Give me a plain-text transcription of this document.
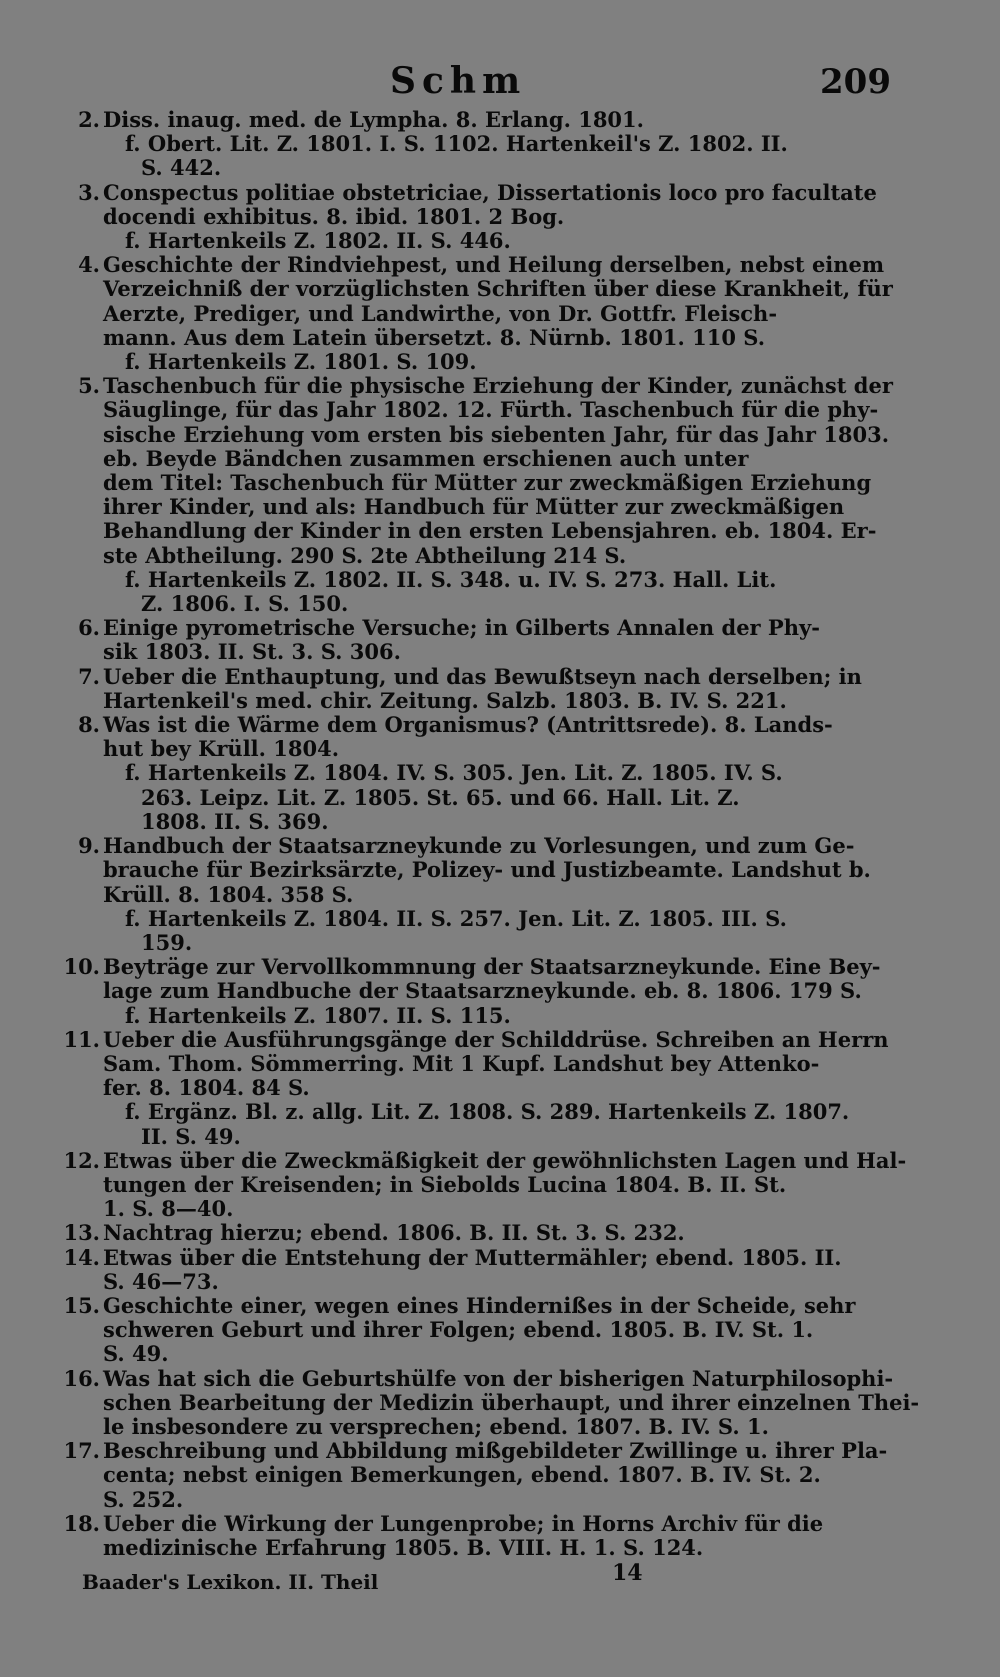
Schm	209
2. Diss. inaug. med. de Lympha. 8. Erlang. 1801.
f. Obert. Lit. Z. 1801. I. S. 1102. Hartenkeil's Z. 1802. II.
S. 442.
3. Conspectus politiae obstetriciae, Dissertationis loco pro facultate
docendi exhibitus. 8. ibid. 1801. 2 Bog.
f. Hartenkeils Z. 1802. II. S. 446.
4. Geschichte der Rindviehpest, und Heilung derselben, nebst einem
Verzeichniß der vorzüglichsten Schriften über diese Krankheit, für
Aerzte, Prediger, und Landwirthe, von Dr. Gottfr. Fleisch-
mann. Aus dem Latein übersetzt. 8. Nürnb. 1801. 110 S.
f. Hartenkeils Z. 1801. S. 109.
5. Taschenbuch für die physische Erziehung der Kinder, zunächst der
Säuglinge, für das Jahr 1802. 12. Fürth. Taschenbuch für die phy-
sische Erziehung vom ersten bis siebenten Jahr, für das Jahr 1803.
eb. Beyde Bändchen zusammen erschienen auch unter
dem Titel: Taschenbuch für Mütter zur zweckmäßigen Erziehung
ihrer Kinder, und als: Handbuch für Mütter zur zweckmäßigen
Behandlung der Kinder in den ersten Lebensjahren. eb. 1804. Er-
ste Abtheilung. 290 S. 2te Abtheilung 214 S.
f. Hartenkeils Z. 1802. II. S. 348. u. IV. S. 273. Hall. Lit.
Z. 1806. I. S. 150.
6. Einige pyrometrische Versuche; in Gilberts Annalen der Phy-
sik 1803. II. St. 3. S. 306.
7. Ueber die Enthauptung, und das Bewußtseyn nach derselben; in
Hartenkeil's med. chir. Zeitung. Salzb. 1803. B. IV. S. 221.
8. Was ist die Wärme dem Organismus? (Antrittsrede). 8. Lands-
hut bey Krüll. 1804.
f. Hartenkeils Z. 1804. IV. S. 305. Jen. Lit. Z. 1805. IV. S.
263. Leipz. Lit. Z. 1805. St. 65. und 66. Hall. Lit. Z.
1808. II. S. 369.
9. Handbuch der Staatsarzneykunde zu Vorlesungen, und zum Ge-
brauche für Bezirksärzte, Polizey- und Justizbeamte. Landshut b.
Krüll. 8. 1804. 358 S.
f. Hartenkeils Z. 1804. II. S. 257. Jen. Lit. Z. 1805. III. S.
159.
10. Beyträge zur Vervollkommnung der Staatsarzneykunde. Eine Bey-
lage zum Handbuche der Staatsarzneykunde. eb. 8. 1806. 179 S.
f. Hartenkeils Z. 1807. II. S. 115.
11. Ueber die Ausführungsgänge der Schilddrüse. Schreiben an Herrn
Sam. Thom. Sömmerring. Mit 1 Kupf. Landshut bey Attenko-
fer. 8. 1804. 84 S.
f. Ergänz. Bl. z. allg. Lit. Z. 1808. S. 289. Hartenkeils Z. 1807.
II. S. 49.
12. Etwas über die Zweckmäßigkeit der gewöhnlichsten Lagen und Hal-
tungen der Kreisenden; in Siebolds Lucina 1804. B. II. St.
1. S. 8—40.
13. Nachtrag hierzu; ebend. 1806. B. II. St. 3. S. 232.
14. Etwas über die Entstehung der Muttermähler; ebend. 1805. II.
S. 46—73.
15. Geschichte einer, wegen eines Hindernißes in der Scheide, sehr
schweren Geburt und ihrer Folgen; ebend. 1805. B. IV. St. 1.
S. 49.
16. Was hat sich die Geburtshülfe von der bisherigen Naturphilosophi-
schen Bearbeitung der Medizin überhaupt, und ihrer einzelnen Thei-
le insbesondere zu versprechen; ebend. 1807. B. IV. S. 1.
17. Beschreibung und Abbildung mißgebildeter Zwillinge u. ihrer Pla-
centa; nebst einigen Bemerkungen, ebend. 1807. B. IV. St. 2.
S. 252.
18. Ueber die Wirkung der Lungenprobe; in Horns Archiv für die
medizinische Erfahrung 1805. B. VIII. H. 1. S. 124.
Baader's Lexikon. II. Theil	14
